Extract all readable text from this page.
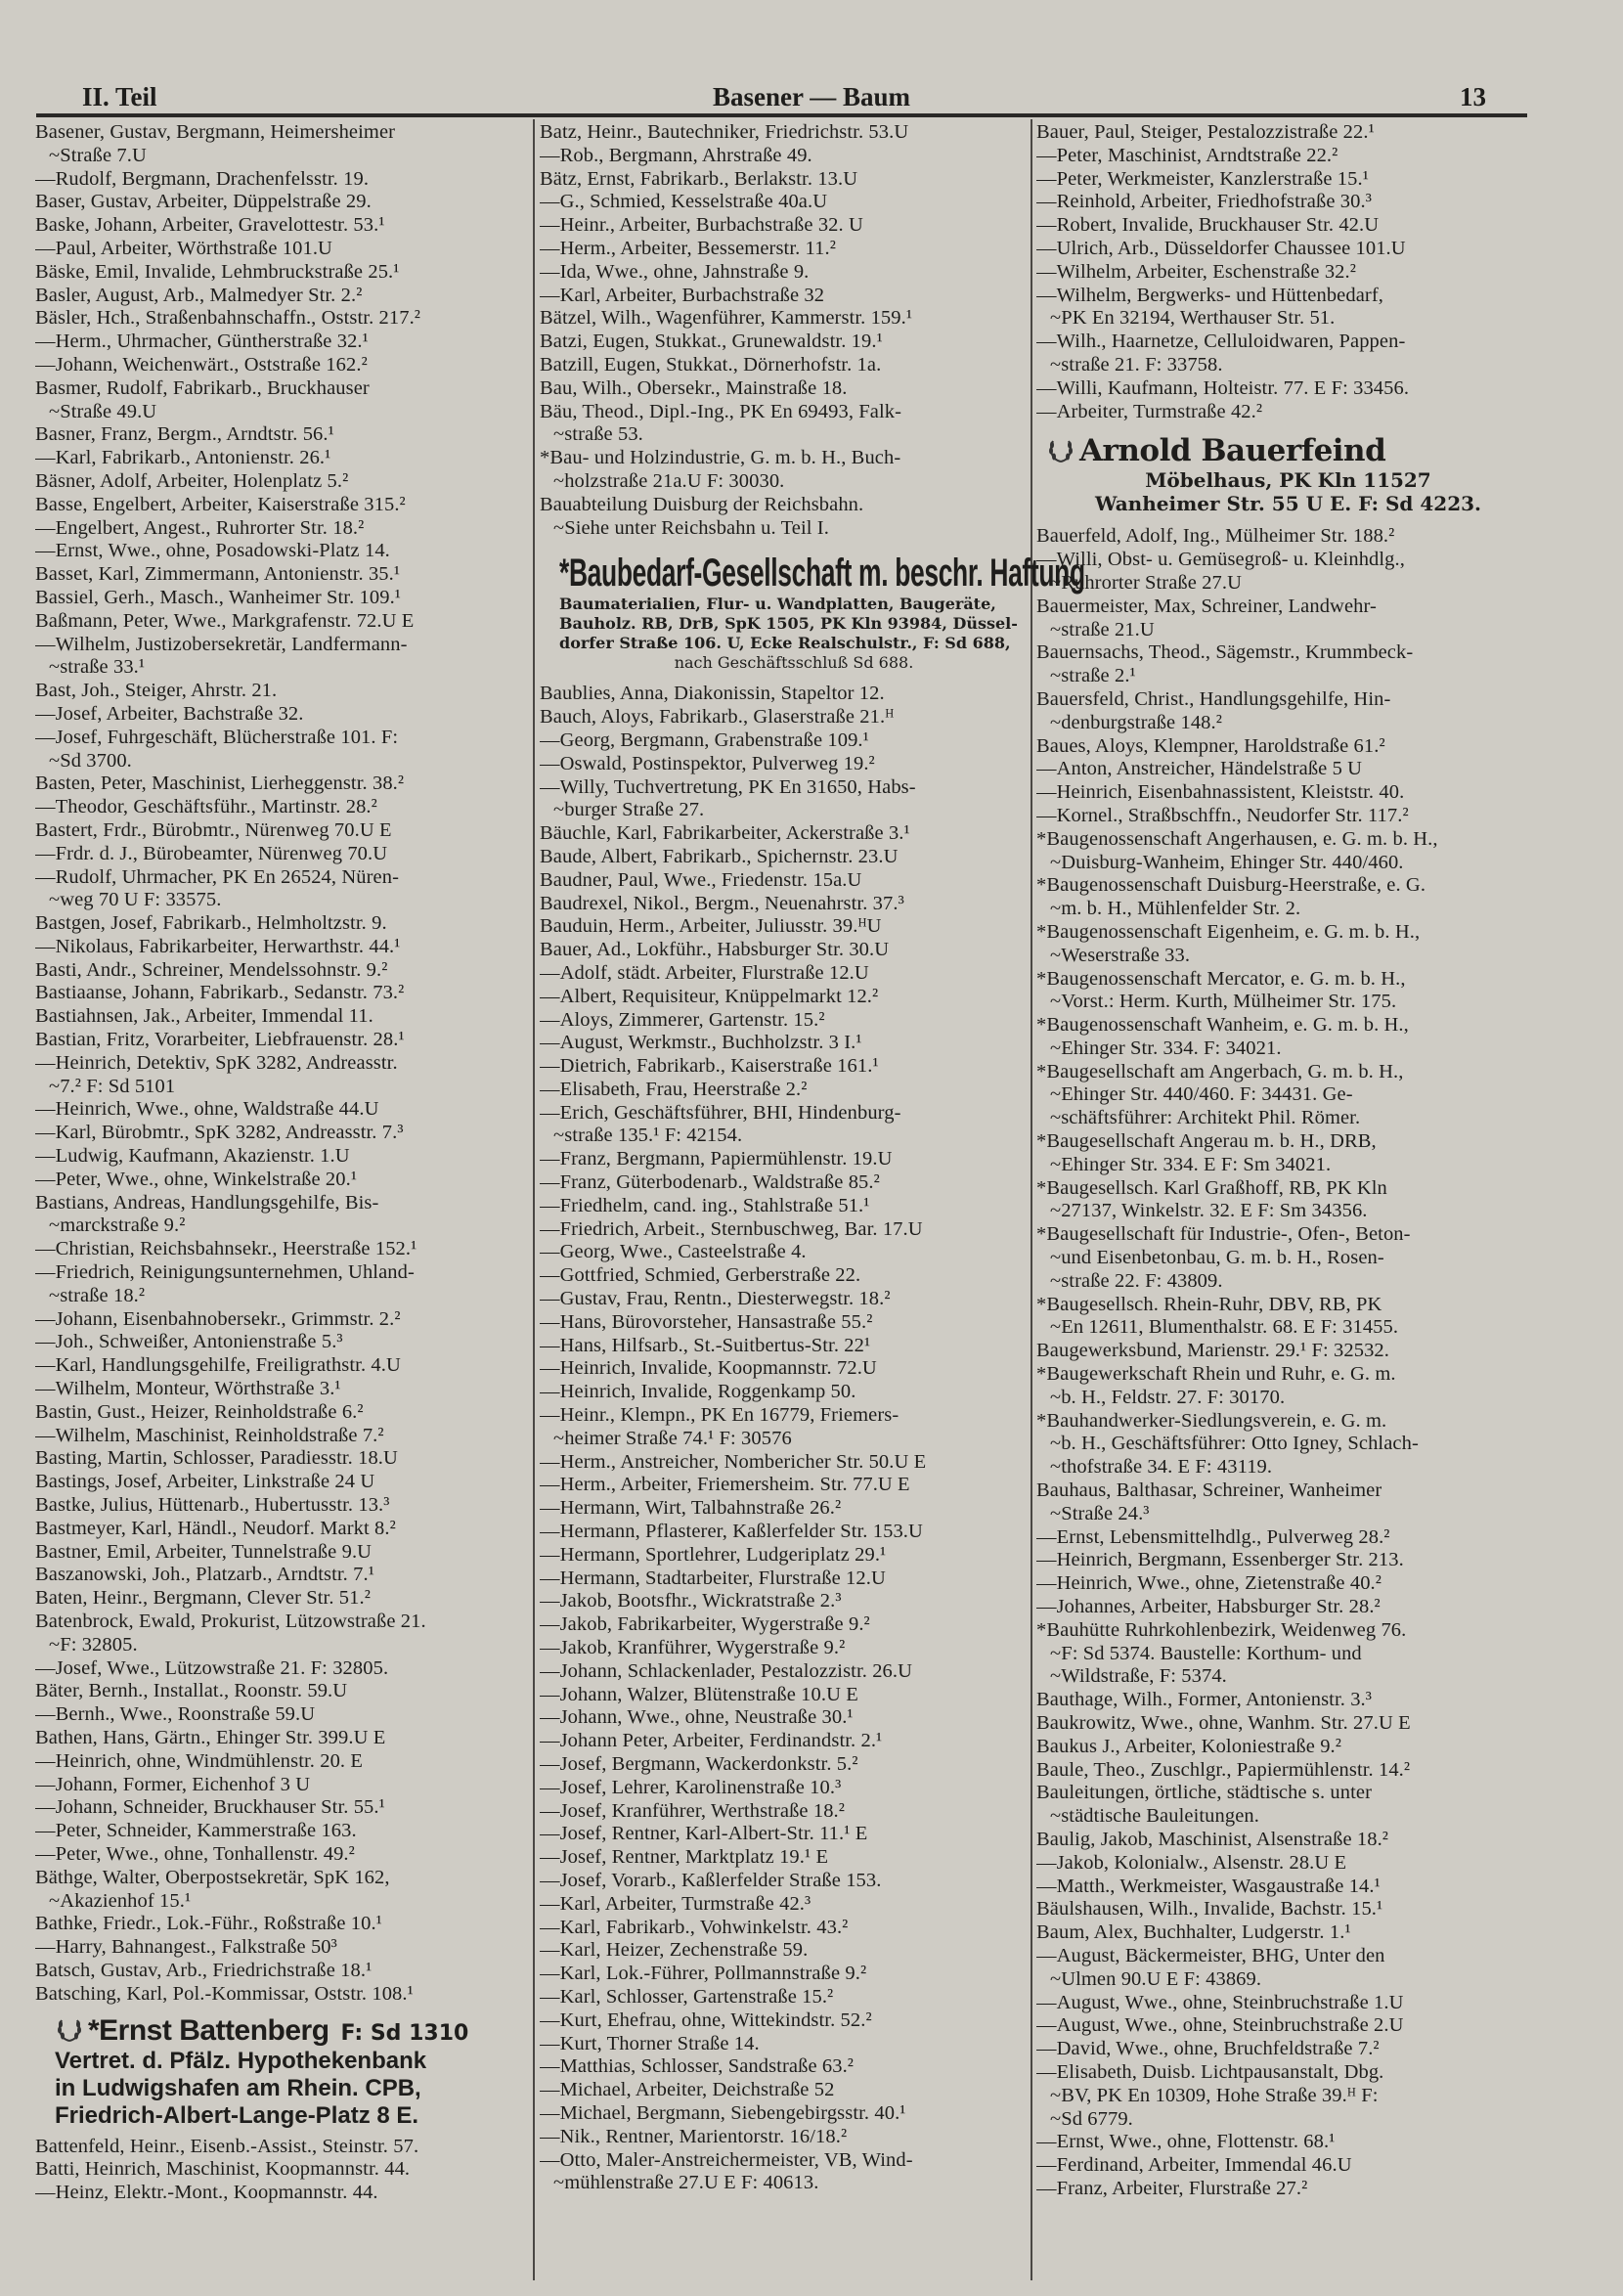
II. Teil	Basener — Baum	13
Basener, Gustav, Bergmann, Heimersheimer
~Straße 7.U
—Rudolf, Bergmann, Drachenfelsstr. 19.
Baser, Gustav, Arbeiter, Düppelstraße 29.
Baske, Johann, Arbeiter, Gravelottestr. 53.¹
—Paul, Arbeiter, Wörthstraße 101.U
Bäske, Emil, Invalide, Lehmbruckstraße 25.¹
Basler, August, Arb., Malmedyer Str. 2.²
Bäsler, Hch., Straßenbahnschaffn., Oststr. 217.²
—Herm., Uhrmacher, Güntherstraße 32.¹
—Johann, Weichenwärt., Oststraße 162.²
Basmer, Rudolf, Fabrikarb., Bruckhauser
~Straße 49.U
Basner, Franz, Bergm., Arndtstr. 56.¹
—Karl, Fabrikarb., Antonienstr. 26.¹
Bäsner, Adolf, Arbeiter, Holenplatz 5.²
Basse, Engelbert, Arbeiter, Kaiserstraße 315.²
—Engelbert, Angest., Ruhrorter Str. 18.²
—Ernst, Wwe., ohne, Posadowski-Platz 14.
Basset, Karl, Zimmermann, Antonienstr. 35.¹
Bassiel, Gerh., Masch., Wanheimer Str. 109.¹
Baßmann, Peter, Wwe., Markgrafenstr. 72.U E
—Wilhelm, Justizobersekretär, Landfermann-
~straße 33.¹
Bast, Joh., Steiger, Ahrstr. 21.
—Josef, Arbeiter, Bachstraße 32.
—Josef, Fuhrgeschäft, Blücherstraße 101. F:
~Sd 3700.
Basten, Peter, Maschinist, Lierheggenstr. 38.²
—Theodor, Geschäftsführ., Martinstr. 28.²
Bastert, Frdr., Bürobmtr., Nürenweg 70.U E
—Frdr. d. J., Bürobeamter, Nürenweg 70.U
—Rudolf, Uhrmacher, PK En 26524, Nüren-
~weg 70 U F: 33575.
Bastgen, Josef, Fabrikarb., Helmholtzstr. 9.
—Nikolaus, Fabrikarbeiter, Herwarthstr. 44.¹
Basti, Andr., Schreiner, Mendelssohnstr. 9.²
Bastiaanse, Johann, Fabrikarb., Sedanstr. 73.²
Bastiahnsen, Jak., Arbeiter, Immendal 11.
Bastian, Fritz, Vorarbeiter, Liebfrauenstr. 28.¹
—Heinrich, Detektiv, SpK 3282, Andreasstr.
~7.² F: Sd 5101
—Heinrich, Wwe., ohne, Waldstraße 44.U
—Karl, Bürobmtr., SpK 3282, Andreasstr. 7.³
—Ludwig, Kaufmann, Akazienstr. 1.U
—Peter, Wwe., ohne, Winkelstraße 20.¹
Bastians, Andreas, Handlungsgehilfe, Bis-
~marckstraße 9.²
—Christian, Reichsbahnsekr., Heerstraße 152.¹
—Friedrich, Reinigungsunternehmen, Uhland-
~straße 18.²
—Johann, Eisenbahnobersekr., Grimmstr. 2.²
—Joh., Schweißer, Antonienstraße 5.³
—Karl, Handlungsgehilfe, Freiligrathstr. 4.U
—Wilhelm, Monteur, Wörthstraße 3.¹
Bastin, Gust., Heizer, Reinholdstraße 6.²
—Wilhelm, Maschinist, Reinholdstraße 7.²
Basting, Martin, Schlosser, Paradiesstr. 18.U
Bastings, Josef, Arbeiter, Linkstraße 24 U
Bastke, Julius, Hüttenarb., Hubertusstr. 13.³
Bastmeyer, Karl, Händl., Neudorf. Markt 8.²
Bastner, Emil, Arbeiter, Tunnelstraße 9.U
Baszanowski, Joh., Platzarb., Arndtstr. 7.¹
Baten, Heinr., Bergmann, Clever Str. 51.²
Batenbrock, Ewald, Prokurist, Lützowstraße 21.
~F: 32805.
—Josef, Wwe., Lützowstraße 21. F: 32805.
Bäter, Bernh., Installat., Roonstr. 59.U
—Bernh., Wwe., Roonstraße 59.U
Bathen, Hans, Gärtn., Ehinger Str. 399.U E
—Heinrich, ohne, Windmühlenstr. 20. E
—Johann, Former, Eichenhof 3 U
—Johann, Schneider, Bruckhauser Str. 55.¹
—Peter, Schneider, Kammerstraße 163.
—Peter, Wwe., ohne, Tonhallenstr. 49.²
Bäthge, Walter, Oberpostsekretär, SpK 162,
~Akazienhof 15.¹
Bathke, Friedr., Lok.-Führ., Roßstraße 10.¹
—Harry, Bahnangest., Falkstraße 50³
Batsch, Gustav, Arb., Friedrichstraße 18.¹
Batsching, Karl, Pol.-Kommissar, Oststr. 108.¹
*Ernst Battenberg F: Sd 1310
Vertret. d. Pfälz. Hypothekenbank
in Ludwigshafen am Rhein. CPB,
Friedrich-Albert-Lange-Platz 8 E.
Battenfeld, Heinr., Eisenb.-Assist., Steinstr. 57.
Batti, Heinrich, Maschinist, Koopmannstr. 44.
—Heinz, Elektr.-Mont., Koopmannstr. 44.
Batz, Heinr., Bautechniker, Friedrichstr. 53.U
—Rob., Bergmann, Ahrstraße 49.
Bätz, Ernst, Fabrikarb., Berlakstr. 13.U
—G., Schmied, Kesselstraße 40a.U
—Heinr., Arbeiter, Burbachstraße 32. U
—Herm., Arbeiter, Bessemerstr. 11.²
—Ida, Wwe., ohne, Jahnstraße 9.
—Karl, Arbeiter, Burbachstraße 32
Bätzel, Wilh., Wagenführer, Kammerstr. 159.¹
Batzi, Eugen, Stukkat., Grunewaldstr. 19.¹
Batzill, Eugen, Stukkat., Dörnerhofstr. 1a.
Bau, Wilh., Obersekr., Mainstraße 18.
Bäu, Theod., Dipl.-Ing., PK En 69493, Falk-
~straße 53.
*Bau- und Holzindustrie, G. m. b. H., Buch-
~holzstraße 21a.U F: 30030.
Bauabteilung Duisburg der Reichsbahn.
~Siehe unter Reichsbahn u. Teil I.
*Baubedarf-Gesellschaft m. beschr. Haftung
Baumaterialien, Flur- u. Wandplatten, Baugeräte,
Bauholz. RB, DrB, SpK 1505, PK Kln 93984, Düssel-
dorfer Straße 106. U, Ecke Realschulstr., F: Sd 688,
nach Geschäftsschluß Sd 688.
Baublies, Anna, Diakonissin, Stapeltor 12.
Bauch, Aloys, Fabrikarb., Glaserstraße 21.ᴴ
—Georg, Bergmann, Grabenstraße 109.¹
—Oswald, Postinspektor, Pulverweg 19.²
—Willy, Tuchvertretung, PK En 31650, Habs-
~burger Straße 27.
Bäuchle, Karl, Fabrikarbeiter, Ackerstraße 3.¹
Baude, Albert, Fabrikarb., Spichernstr. 23.U
Baudner, Paul, Wwe., Friedenstr. 15a.U
Baudrexel, Nikol., Bergm., Neuenahrstr. 37.³
Bauduin, Herm., Arbeiter, Juliusstr. 39.ᴴU
Bauer, Ad., Lokführ., Habsburger Str. 30.U
—Adolf, städt. Arbeiter, Flurstraße 12.U
—Albert, Requisiteur, Knüppelmarkt 12.²
—Aloys, Zimmerer, Gartenstr. 15.²
—August, Werkmstr., Buchholzstr. 3 I.¹
—Dietrich, Fabrikarb., Kaiserstraße 161.¹
—Elisabeth, Frau, Heerstraße 2.²
—Erich, Geschäftsführer, BHI, Hindenburg-
~straße 135.¹ F: 42154.
—Franz, Bergmann, Papiermühlenstr. 19.U
—Franz, Güterbodenarb., Waldstraße 85.²
—Friedhelm, cand. ing., Stahlstraße 51.¹
—Friedrich, Arbeit., Sternbuschweg, Bar. 17.U
—Georg, Wwe., Casteelstraße 4.
—Gottfried, Schmied, Gerberstraße 22.
—Gustav, Frau, Rentn., Diesterwegstr. 18.²
—Hans, Bürovorsteher, Hansastraße 55.²
—Hans, Hilfsarb., St.-Suitbertus-Str. 22¹
—Heinrich, Invalide, Koopmannstr. 72.U
—Heinrich, Invalide, Roggenkamp 50.
—Heinr., Klempn., PK En 16779, Friemers-
~heimer Straße 74.¹ F: 30576
—Herm., Anstreicher, Nombericher Str. 50.U E
—Herm., Arbeiter, Friemersheim. Str. 77.U E
—Hermann, Wirt, Talbahnstraße 26.²
—Hermann, Pflasterer, Kaßlerfelder Str. 153.U
—Hermann, Sportlehrer, Ludgeriplatz 29.¹
—Hermann, Stadtarbeiter, Flurstraße 12.U
—Jakob, Bootsfhr., Wickratstraße 2.³
—Jakob, Fabrikarbeiter, Wygerstraße 9.²
—Jakob, Kranführer, Wygerstraße 9.²
—Johann, Schlackenlader, Pestalozzistr. 26.U
—Johann, Walzer, Blütenstraße 10.U E
—Johann, Wwe., ohne, Neustraße 30.¹
—Johann Peter, Arbeiter, Ferdinandstr. 2.¹
—Josef, Bergmann, Wackerdonkstr. 5.²
—Josef, Lehrer, Karolinenstraße 10.³
—Josef, Kranführer, Werthstraße 18.²
—Josef, Rentner, Karl-Albert-Str. 11.¹ E
—Josef, Rentner, Marktplatz 19.¹ E
—Josef, Vorarb., Kaßlerfelder Straße 153.
—Karl, Arbeiter, Turmstraße 42.³
—Karl, Fabrikarb., Vohwinkelstr. 43.²
—Karl, Heizer, Zechenstraße 59.
—Karl, Lok.-Führer, Pollmannstraße 9.²
—Karl, Schlosser, Gartenstraße 15.²
—Kurt, Ehefrau, ohne, Wittekindstr. 52.²
—Kurt, Thorner Straße 14.
—Matthias, Schlosser, Sandstraße 63.²
—Michael, Arbeiter, Deichstraße 52
—Michael, Bergmann, Siebengebirgsstr. 40.¹
—Nik., Rentner, Marientorstr. 16/18.²
—Otto, Maler-Anstreichermeister, VB, Wind-
~mühlenstraße 27.U E F: 40613.
Bauer, Paul, Steiger, Pestalozzistraße 22.¹
—Peter, Maschinist, Arndtstraße 22.²
—Peter, Werkmeister, Kanzlerstraße 15.¹
—Reinhold, Arbeiter, Friedhofstraße 30.³
—Robert, Invalide, Bruckhauser Str. 42.U
—Ulrich, Arb., Düsseldorfer Chaussee 101.U
—Wilhelm, Arbeiter, Eschenstraße 32.²
—Wilhelm, Bergwerks- und Hüttenbedarf,
~PK En 32194, Werthauser Str. 51.
—Wilh., Haarnetze, Celluloidwaren, Pappen-
~straße 21. F: 33758.
—Willi, Kaufmann, Holteistr. 77. E F: 33456.
—Arbeiter, Turmstraße 42.²
Arnold Bauerfeind
Möbelhaus, PK Kln 11527
Wanheimer Str. 55 U E. F: Sd 4223.
Bauerfeld, Adolf, Ing., Mülheimer Str. 188.²
—Willi, Obst- u. Gemüsegroß- u. Kleinhdlg.,
~Ruhrorter Straße 27.U
Bauermeister, Max, Schreiner, Landwehr-
~straße 21.U
Bauernsachs, Theod., Sägemstr., Krummbeck-
~straße 2.¹
Bauersfeld, Christ., Handlungsgehilfe, Hin-
~denburgstraße 148.²
Baues, Aloys, Klempner, Haroldstraße 61.²
—Anton, Anstreicher, Händelstraße 5 U
—Heinrich, Eisenbahnassistent, Kleiststr. 40.
—Kornel., Straßbschffn., Neudorfer Str. 117.²
*Baugenossenschaft Angerhausen, e. G. m. b. H.,
~Duisburg-Wanheim, Ehinger Str. 440/460.
*Baugenossenschaft Duisburg-Heerstraße, e. G.
~m. b. H., Mühlenfelder Str. 2.
*Baugenossenschaft Eigenheim, e. G. m. b. H.,
~Weserstraße 33.
*Baugenossenschaft Mercator, e. G. m. b. H.,
~Vorst.: Herm. Kurth, Mülheimer Str. 175.
*Baugenossenschaft Wanheim, e. G. m. b. H.,
~Ehinger Str. 334. F: 34021.
*Baugesellschaft am Angerbach, G. m. b. H.,
~Ehinger Str. 440/460. F: 34431. Ge-
~schäftsführer: Architekt Phil. Römer.
*Baugesellschaft Angerau m. b. H., DRB,
~Ehinger Str. 334. E F: Sm 34021.
*Baugesellsch. Karl Graßhoff, RB, PK Kln
~27137, Winkelstr. 32. E F: Sm 34356.
*Baugesellschaft für Industrie-, Ofen-, Beton-
~und Eisenbetonbau, G. m. b. H., Rosen-
~straße 22. F: 43809.
*Baugesellsch. Rhein-Ruhr, DBV, RB, PK
~En 12611, Blumenthalstr. 68. E F: 31455.
Baugewerksbund, Marienstr. 29.¹ F: 32532.
*Baugewerkschaft Rhein und Ruhr, e. G. m.
~b. H., Feldstr. 27. F: 30170.
*Bauhandwerker-Siedlungsverein, e. G. m.
~b. H., Geschäftsführer: Otto Igney, Schlach-
~thofstraße 34. E F: 43119.
Bauhaus, Balthasar, Schreiner, Wanheimer
~Straße 24.³
—Ernst, Lebensmittelhdlg., Pulverweg 28.²
—Heinrich, Bergmann, Essenberger Str. 213.
—Heinrich, Wwe., ohne, Zietenstraße 40.²
—Johannes, Arbeiter, Habsburger Str. 28.²
*Bauhütte Ruhrkohlenbezirk, Weidenweg 76.
~F: Sd 5374. Baustelle: Korthum- und
~Wildstraße, F: 5374.
Bauthage, Wilh., Former, Antonienstr. 3.³
Baukrowitz, Wwe., ohne, Wanhm. Str. 27.U E
Baukus J., Arbeiter, Koloniestraße 9.²
Baule, Theo., Zuschlgr., Papiermühlenstr. 14.²
Bauleitungen, örtliche, städtische s. unter
~städtische Bauleitungen.
Baulig, Jakob, Maschinist, Alsenstraße 18.²
—Jakob, Kolonialw., Alsenstr. 28.U E
—Matth., Werkmeister, Wasgaustraße 14.¹
Bäulshausen, Wilh., Invalide, Bachstr. 15.¹
Baum, Alex, Buchhalter, Ludgerstr. 1.¹
—August, Bäckermeister, BHG, Unter den
~Ulmen 90.U E F: 43869.
—August, Wwe., ohne, Steinbruchstraße 1.U
—August, Wwe., ohne, Steinbruchstraße 2.U
—David, Wwe., ohne, Bruchfeldstraße 7.²
—Elisabeth, Duisb. Lichtpausanstalt, Dbg.
~BV, PK En 10309, Hohe Straße 39.ᴴ F:
~Sd 6779.
—Ernst, Wwe., ohne, Flottenstr. 68.¹
—Ferdinand, Arbeiter, Immendal 46.U
—Franz, Arbeiter, Flurstraße 27.²
